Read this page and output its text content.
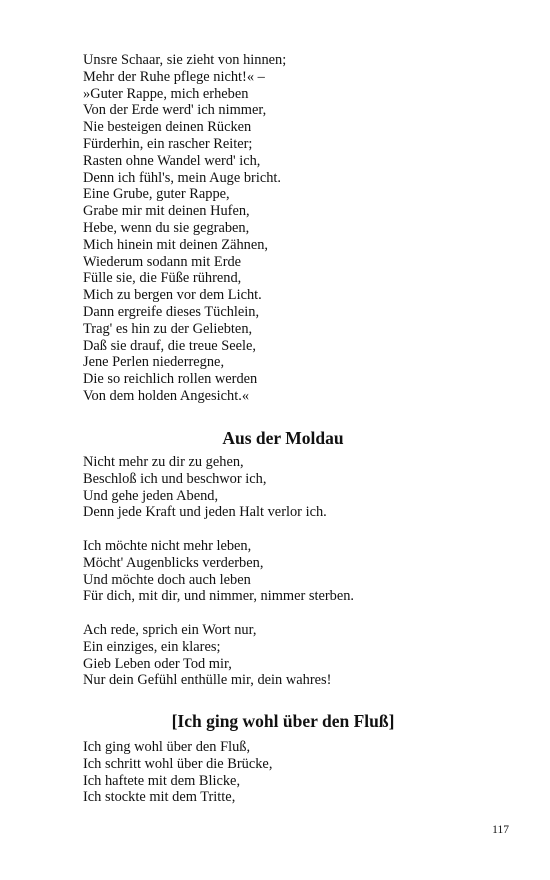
Unsre Schaar, sie zieht von hinnen;
Mehr der Ruhe pflege nicht!« –
»Guter Rappe, mich erheben
Von der Erde werd' ich nimmer,
Nie besteigen deinen Rücken
Fürderhin, ein rascher Reiter;
Rasten ohne Wandel werd' ich,
Denn ich fühl's, mein Auge bricht.
Eine Grube, guter Rappe,
Grabe mir mit deinen Hufen,
Hebe, wenn du sie gegraben,
Mich hinein mit deinen Zähnen,
Wiederum sodann mit Erde
Fülle sie, die Füße rührend,
Mich zu bergen vor dem Licht.
Dann ergreife dieses Tüchlein,
Trag' es hin zu der Geliebten,
Daß sie drauf, die treue Seele,
Jene Perlen niederregne,
Die so reichlich rollen werden
Von dem holden Angesicht.«
Aus der Moldau
Nicht mehr zu dir zu gehen,
Beschloß ich und beschwor ich,
Und gehe jeden Abend,
Denn jede Kraft und jeden Halt verlor ich.
Ich möchte nicht mehr leben,
Möcht' Augenblicks verderben,
Und möchte doch auch leben
Für dich, mit dir, und nimmer, nimmer sterben.
Ach rede, sprich ein Wort nur,
Ein einziges, ein klares;
Gieb Leben oder Tod mir,
Nur dein Gefühl enthülle mir, dein wahres!
[Ich ging wohl über den Fluß]
Ich ging wohl über den Fluß,
Ich schritt wohl über die Brücke,
Ich haftete mit dem Blicke,
Ich stockte mit dem Tritte,
117
